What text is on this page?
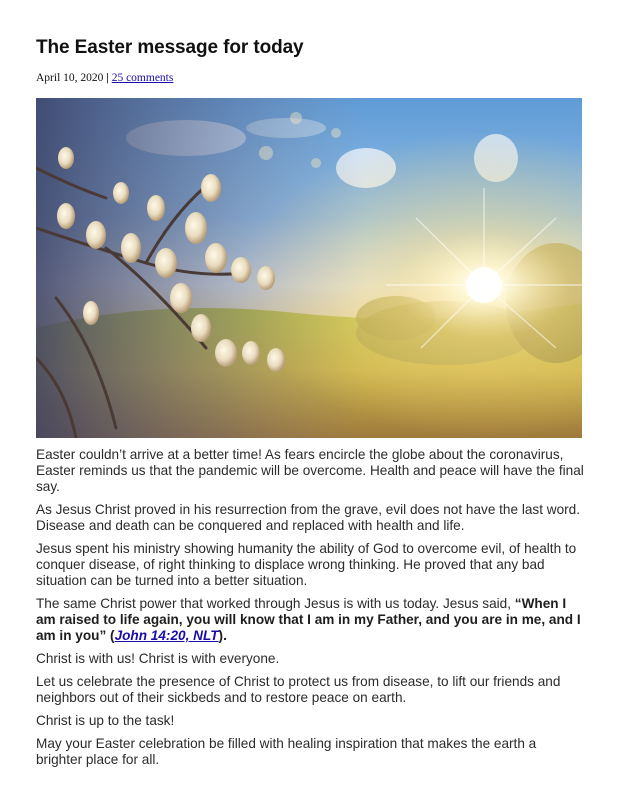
The Easter message for today
April 10, 2020 | 25 comments

Easter couldn’t arrive at a better time! As fears encircle the globe about the coronavirus, Easter reminds us that the pandemic will be overcome. Health and peace will have the final say.

As Jesus Christ proved in his resurrection from the grave, evil does not have the last word. Disease and death can be conquered and replaced with health and life.

Jesus spent his ministry showing humanity the ability of God to overcome evil, of health to conquer disease, of right thinking to displace wrong thinking. He proved that any bad situation can be turned into a better situation.

The same Christ power that worked through Jesus is with us today. Jesus said, “When I am raised to life again, you will know that I am in my Father, and you are in me, and I am in you” (John 14:20, NLT).

Christ is with us! Christ is with everyone.

Let us celebrate the presence of Christ to protect us from disease, to lift our friends and neighbors out of their sickbeds and to restore peace on earth.

Christ is up to the task!

May your Easter celebration be filled with healing inspiration that makes the earth a brighter place for all.
